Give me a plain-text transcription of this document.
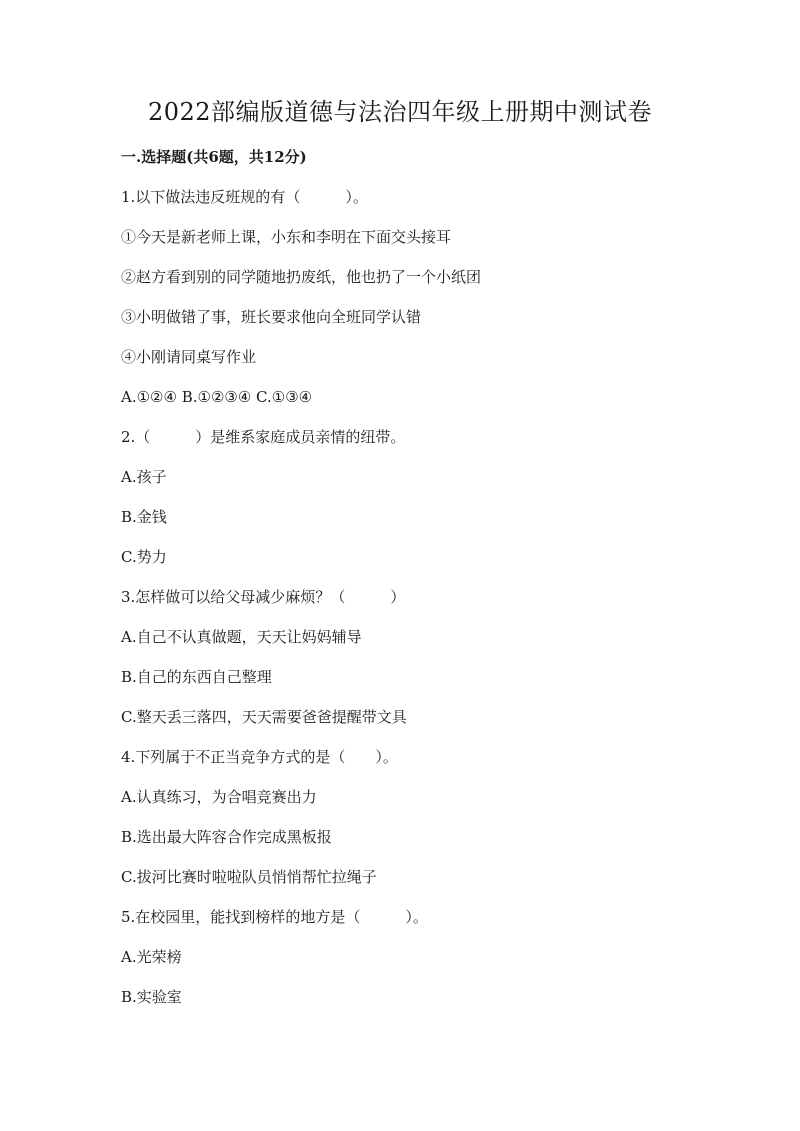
2022部编版道德与法治四年级上册期中测试卷
一.选择题(共6题，共12分)
1.以下做法违反班规的有（　　　）。
①今天是新老师上课，小东和李明在下面交头接耳
②赵方看到别的同学随地扔废纸，他也扔了一个小纸团
③小明做错了事，班长要求他向全班同学认错
④小刚请同桌写作业
A.①②④ B.①②③④ C.①③④
2.（　　　）是维系家庭成员亲情的纽带。
A.孩子
B.金钱
C.势力
3.怎样做可以给父母减少麻烦？（　　　）
A.自己不认真做题，天天让妈妈辅导
B.自己的东西自己整理
C.整天丢三落四，天天需要爸爸提醒带文具
4.下列属于不正当竞争方式的是（　　）。
A.认真练习，为合唱竞赛出力
B.选出最大阵容合作完成黑板报
C.拔河比赛时啦啦队员悄悄帮忙拉绳子
5.在校园里，能找到榜样的地方是（　　　）。
A.光荣榜
B.实验室
